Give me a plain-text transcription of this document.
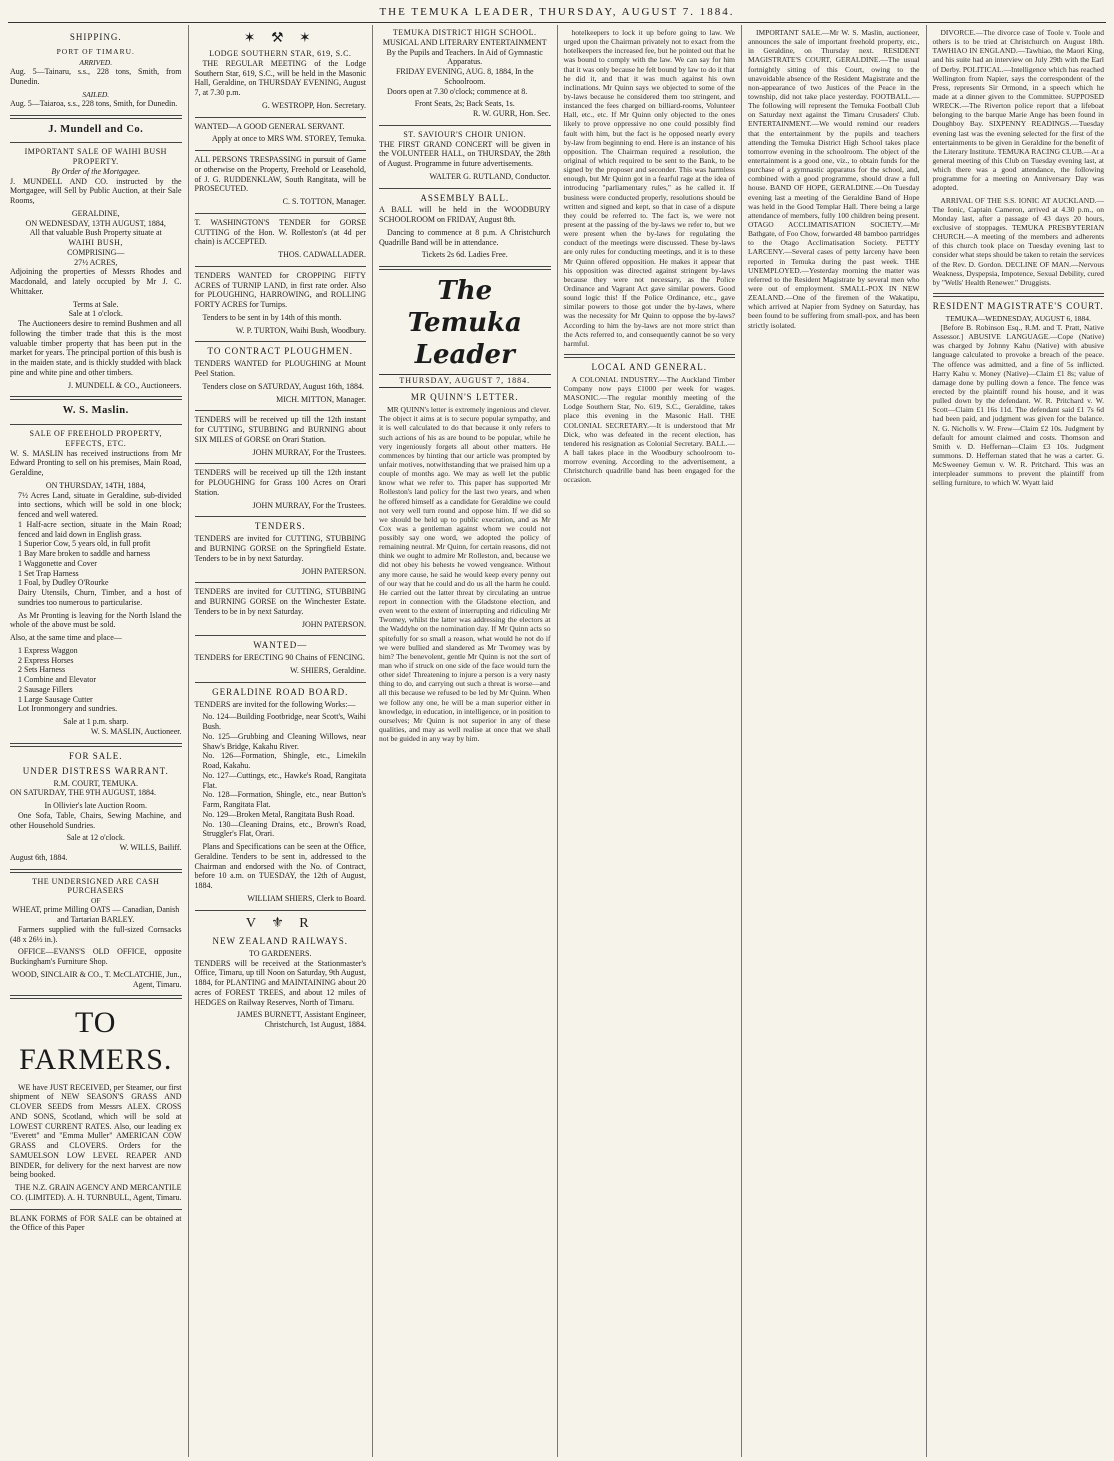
THE TEMUKA LEADER, THURSDAY, AUGUST 7. 1884.
SHIPPING.
PORT OF TIMARU.
ARRIVED.
Aug. 5—Tainaru, s.s., 228 tons, Smith, from Dunedin.
SAILED.
Aug. 5—Taiaroa, s.s., 228 tons, Smith, for Dunedin.
J. Mundell and Co.
IMPORTANT SALE OF WAIHI BUSH PROPERTY.
By Order of the Mortgagee.
J. MUNDELL AND CO. instructed by the Mortgagee, will Sell by Public Auction, at their Sale Rooms,
GERALDINE,
ON WEDNESDAY, 13TH AUGUST, 1884,
All that valuable Bush Property situate at
WAIHI BUSH,
COMPRISING—
27½ ACRES,
Adjoining the properties of Messrs Rhodes and Macdonald, and lately occupied by Mr J. C. Whittaker.
Terms at Sale.
Sale at 1 o'clock.
The Auctioneers desire to remind Bushmen and all following the timber trade that this is the most valuable timber property that has been put in the market for years. The principal portion of this bush is in the maiden state, and is thickly studded with black pine and white pine and other timbers.
J. MUNDELL & CO., Auctioneers.
W. S. Maslin.
SALE OF FREEHOLD PROPERTY, EFFECTS, ETC.
W. S. MASLIN has received instructions from Mr Edward Pronting to sell on his premises, Main Road, Geraldine,
ON THURSDAY, 14TH, 1884,
7½ Acres Land, situate in Geraldine, sub-divided into sections, which will be sold in one block; fenced and well watered.
1 Half-acre section, situate in the Main Road; fenced and laid down in English grass.
1 Superior Cow, 5 years old, in full profit
1 Bay Mare broken to saddle and harness
1 Waggonette and Cover
1 Set Trap Harness
1 Foal, by Dudley O'Rourke
Dairy Utensils, Churn, Timber, and a host of sundries too numerous to particularise.
As Mr Pronting is leaving for the North Island the whole of the above must be sold.
Also, at the same time and place—
1 Express Waggon
2 Express Horses
2 Sets Harness
1 Combine and Elevator
2 Sausage Fillers
1 Large Sausage Cutter
Lot Ironmongery and sundries.
Sale at 1 p.m. sharp.
W. S. MASLIN, Auctioneer.
FOR SALE.
UNDER DISTRESS WARRANT.
R.M. COURT, TEMUKA.
ON SATURDAY, THE 9TH AUGUST, 1884.
In Ollivier's late Auction Room.
One Sofa, Table, Chairs, Sewing Machine, and other Household Sundries.
Sale at 12 o'clock.
W. WILLS, Bailiff.
August 6th, 1884.
THE UNDERSIGNED ARE CASH PURCHASERS
OF
WHEAT, prime Milling OATS — Canadian, Danish and Tartarian BARLEY.
Farmers supplied with the full-sized Cornsacks (48 x 26½ in.).
OFFICE—EVANS'S OLD OFFICE, opposite Buckingham's Furniture Shop.
WOOD, SINCLAIR & CO., T. McCLATCHIE, Jun., Agent, Timaru.
TO FARMERS.
WE have JUST RECEIVED, per Steamer, our first shipment of NEW SEASON'S GRASS AND CLOVER SEEDS from Messrs ALEX. CROSS AND SONS, Scotland, which will be sold at LOWEST CURRENT RATES. Also, our leading ex "Everett" and "Emma Muller" AMERICAN COW GRASS and CLOVERS. Orders for the SAMUELSON LOW LEVEL REAPER AND BINDER, for delivery for the next harvest are now being booked.
THE N.Z. GRAIN AGENCY AND MERCANTILE CO. (LIMITED). A. H. TURNBULL, Agent, Timaru.
BLANK FORMS of FOR SALE can be obtained at the Office of this Paper
✶ ⚒ ✶
LODGE SOUTHERN STAR, 619, S.C.
THE REGULAR MEETING of the Lodge Southern Star, 619, S.C., will be held in the Masonic Hall, Geraldine, on THURSDAY EVENING, August 7, at 7.30 p.m.
G. WESTROPP, Hon. Secretary.
WANTED—A GOOD GENERAL SERVANT.
Apply at once to MRS WM. STOREY, Temuka.
ALL PERSONS TRESPASSING in pursuit of Game or otherwise on the Property, Freehold or Leasehold, of J. G. RUDDENKLAW, South Rangitata, will be PROSECUTED.
C. S. TOTTON, Manager.
T. WASHINGTON'S TENDER for GORSE CUTTING of the Hon. W. Rolleston's (at 4d per chain) is ACCEPTED.
THOS. CADWALLADER.
TENDERS WANTED for CROPPING FIFTY ACRES of TURNIP LAND, in first rate order. Also for PLOUGHING, HARROWING, and ROLLING FORTY ACRES for Turnips.
Tenders to be sent in by 14th of this month.
W. P. TURTON, Waihi Bush, Woodbury.
TO CONTRACT PLOUGHMEN.
TENDERS WANTED for PLOUGHING at Mount Peel Station.
Tenders close on SATURDAY, August 16th, 1884.
MICH. MITTON, Manager.
TENDERS will be received up till the 12th instant for CUTTING, STUBBING and BURNING about SIX MILES of GORSE on Orari Station.
JOHN MURRAY, For the Trustees.
TENDERS will be received up till the 12th instant for PLOUGHING for Grass 100 Acres on Orari Station.
JOHN MURRAY, For the Trustees.
TENDERS.
TENDERS are invited for CUTTING, STUBBING and BURNING GORSE on the Springfield Estate. Tenders to be in by next Saturday.
JOHN PATERSON.
TENDERS are invited for CUTTING, STUBBING and BURNING GORSE on the Winchester Estate. Tenders to be in by next Saturday.
JOHN PATERSON.
WANTED—
TENDERS for ERECTING 90 Chains of FENCING.
W. SHIERS, Geraldine.
GERALDINE ROAD BOARD.
TENDERS are invited for the following Works:—
No. 124—Building Footbridge, near Scott's, Waihi Bush.
No. 125—Grubbing and Cleaning Willows, near Shaw's Bridge, Kakahu River.
No. 126—Formation, Shingle, etc., Limekiln Road, Kakahu.
No. 127—Cuttings, etc., Hawke's Road, Rangitata Flat.
No. 128—Formation, Shingle, etc., near Button's Farm, Rangitata Flat.
No. 129—Broken Metal, Rangitata Bush Road.
No. 130—Cleaning Drains, etc., Brown's Road, Struggler's Flat, Orari.
Plans and Specifications can be seen at the Office, Geraldine. Tenders to be sent in, addressed to the Chairman and endorsed with the No. of Contract, before 10 a.m. on TUESDAY, the 12th of August, 1884.
WILLIAM SHIERS, Clerk to Board.
V ⚜ R
NEW ZEALAND RAILWAYS.
TO GARDENERS.
TENDERS will be received at the Stationmaster's Office, Timaru, up till Noon on Saturday, 9th August, 1884, for PLANTING and MAINTAINING about 20 acres of FOREST TREES, and about 12 miles of HEDGES on Railway Reserves, North of Timaru.
JAMES BURNETT, Assistant Engineer, Christchurch, 1st August, 1884.
TEMUKA DISTRICT HIGH SCHOOL.
MUSICAL AND LITERARY ENTERTAINMENT By the Pupils and Teachers. In Aid of Gymnastic Apparatus.
FRIDAY EVENING, AUG. 8, 1884, In the Schoolroom.
Doors open at 7.30 o'clock; commence at 8.
Front Seats, 2s; Back Seats, 1s.
R. W. GURR, Hon. Sec.
ST. SAVIOUR'S CHOIR UNION.
THE FIRST GRAND CONCERT will be given in the VOLUNTEER HALL, on THURSDAY, the 28th of August. Programme in future advertisements.
WALTER G. RUTLAND, Conductor.
ASSEMBLY BALL.
A BALL will be held in the WOODBURY SCHOOLROOM on FRIDAY, August 8th.
Dancing to commence at 8 p.m. A Christchurch Quadrille Band will be in attendance.
Tickets 2s 6d. Ladies Free.
The Temuka Leader
THURSDAY, AUGUST 7, 1884.
MR QUINN'S LETTER.
MR QUINN's letter is extremely ingenious and clever. The object it aims at is to secure popular sympathy, and it is well calculated to do that because it only refers to such actions of his as are bound to be popular, while he very ingeniously forgets all about other matters. He commences by hinting that our article was prompted by unfair motives, notwithstanding that we praised him up a couple of months ago. We may as well let the public know what we refer to. This paper has supported Mr Rolleston's land policy for the last two years, and when he offered himself as a candidate for Geraldine we could not very well turn round and oppose him. If we did so we should be held up to public execration, and as Mr Cox was a gentleman against whom we could not possibly say one word, we adopted the policy of remaining neutral. Mr Quinn, for certain reasons, did not think we ought to admire Mr Rolleston, and, because we did not obey his behests he vowed vengeance. Without any more cause, he said he would keep every penny out of our way that he could and do us all the harm he could. He carried out the latter threat by circulating an untrue report in connection with the Gladstone election, and even went to the extent of interrupting and ridiculing Mr Twomey, whilst the latter was addressing the electors at the Waddyhe on the nomination day. If Mr Quinn acts so spitefully for so small a reason, what would he not do if we were bullied and slandered as Mr Twomey was by him? The benevolent, gentle Mr Quinn is not the sort of man who if struck on one side of the face would turn the other side! Threatening to injure a person is a very nasty thing to do, and carrying out such a threat is worse—and all this because we refused to be led by Mr Quinn. When we follow any one, he will be a man superior either in knowledge, in education, in intelligence, or in position to ourselves; Mr Quinn is not superior in any of these qualities, and may as well realise at once that we shall not be guided in any way by him.
hotelkeepers to lock it up before going to law. We urged upon the Chairman privately not to exact from the hotelkeepers the increased fee, but he pointed out that he was bound to comply with the law. We can say for him that it was only because he felt bound by law to do it that he did it, and that it was much against his own inclinations. Mr Quinn says we objected to some of the by-laws because he considered them too stringent, and instanced the fees charged on billiard-rooms, Volunteer Hall, etc., etc. If Mr Quinn only objected to the ones likely to prove oppressive no one could possibly find fault with him, but the fact is he opposed nearly every by-law from beginning to end. Here is an instance of his opposition. The Chairman required a resolution, the original of which required to be sent to the Bank, to be signed by the proposer and seconder. This was harmless enough, but Mr Quinn got in a fearful rage at the idea of introducing "parliamentary rules," as he called it. If business were conducted properly, resolutions should be written and signed and kept, so that in case of a dispute they could be referred to. The fact is, we were not present at the passing of the by-laws we refer to, but we were present when the by-laws for regulating the conduct of the meetings were discussed. These by-laws are only rules for conducting meetings, and it is to these Mr Quinn offered opposition. He makes it appear that his opposition was directed against stringent by-laws because they were not necessary, as the Police Ordinance and Vagrant Act gave similar powers. Good sound logic this! If the Police Ordinance, etc., gave similar powers to those got under the by-laws, where was the necessity for Mr Quinn to oppose the by-laws? According to him the by-laws are not more strict than the Acts referred to, and consequently cannot be so very harmful.
LOCAL AND GENERAL.
A COLONIAL INDUSTRY.—The Auckland Timber Company now pays £1000 per week for wages. MASONIC.—The regular monthly meeting of the Lodge Southern Star, No. 619, S.C., Geraldine, takes place this evening in the Masonic Hall. THE COLONIAL SECRETARY.—It is understood that Mr Dick, who was defeated in the recent election, has tendered his resignation as Colonial Secretary. BALL.—A ball takes place in the Woodbury schoolroom to-morrow evening. According to the advertisement, a Christchurch quadrille band has been engaged for the occasion.
IMPORTANT SALE.—Mr W. S. Maslin, auctioneer, announces the sale of important freehold property, etc., in Geraldine, on Thursday next. RESIDENT MAGISTRATE'S COURT, GERALDINE.—The usual fortnightly sitting of this Court, owing to the unavoidable absence of the Resident Magistrate and the non-appearance of two Justices of the Peace in the township, did not take place yesterday. FOOTBALL.—The following will represent the Temuka Football Club on Saturday next against the Timaru Crusaders' Club. ENTERTAINMENT.—We would remind our readers that the entertainment by the pupils and teachers attending the Temuka District High School takes place tomorrow evening in the schoolroom. The object of the entertainment is a good one, viz., to obtain funds for the purchase of a gymnastic apparatus for the school, and, combined with a good programme, should draw a full house. BAND OF HOPE, GERALDINE.—On Tuesday evening last a meeting of the Geraldine Band of Hope was held in the Good Templar Hall. There being a large attendance of members, fully 100 children being present. OTAGO ACCLIMATISATION SOCIETY.—Mr Bathgate, of Foo Chow, forwarded 48 bamboo partridges to the Otago Acclimatisation Society. PETTY LARCENY.—Several cases of petty larceny have been reported in Temuka during the past week. THE UNEMPLOYED.—Yesterday morning the matter was referred to the Resident Magistrate by several men who were out of employment. SMALL-POX IN NEW ZEALAND.—One of the firemen of the Wakatipu, which arrived at Napier from Sydney on Saturday, has been found to be suffering from small-pox, and has been strictly isolated.
DIVORCE.—The divorce case of Toole v. Toole and others is to be tried at Christchurch on August 18th. TAWHIAO IN ENGLAND.—Tawhiao, the Maori King, and his suite had an interview on July 29th with the Earl of Derby. POLITICAL.—Intelligence which has reached Wellington from Napier, says the correspondent of the Press, represents Sir Ormond, in a speech which he made at a dinner given to the Committee. SUPPOSED WRECK.—The Riverton police report that a lifeboat belonging to the barque Marie Ange has been found in Doughboy Bay. SIXPENNY READINGS.—Tuesday evening last was the evening selected for the first of the entertainments to be given in Geraldine for the benefit of the Literary Institute. TEMUKA RACING CLUB.—At a general meeting of this Club on Tuesday evening last, at which there was a good attendance, the following programme for a meeting on Anniversary Day was adopted.
ARRIVAL OF THE S.S. IONIC AT AUCKLAND.—The Ionic, Captain Cameron, arrived at 4.30 p.m., on Monday last, after a passage of 43 days 20 hours, exclusive of stoppages. TEMUKA PRESBYTERIAN CHURCH.—A meeting of the members and adherents of this church took place on Tuesday evening last to consider what steps should be taken to retain the services of the Rev. D. Gordon. DECLINE OF MAN.—Nervous Weakness, Dyspepsia, Impotence, Sexual Debility, cured by "Wells' Health Renewer." Druggists.
RESIDENT MAGISTRATE'S COURT.
TEMUKA—WEDNESDAY, AUGUST 6, 1884.
[Before B. Robinson Esq., R.M. and T. Pratt, Native Assessor.] ABUSIVE LANGUAGE.—Cope (Native) was charged by Johnny Kahu (Native) with abusive language calculated to provoke a breach of the peace. The offence was admitted, and a fine of 5s inflicted. Harry Kahu v. Money (Native)—Claim £1 8s; value of damage done by pulling down a fence. The fence was erected by the plaintiff round his house, and it was pulled down by the defendant. W. R. Pritchard v. W. Scott—Claim £1 16s 11d. The defendant said £1 7s 6d had been paid, and judgment was given for the balance. N. G. Nicholls v. W. Frew—Claim £2 10s. Judgment by default for amount claimed and costs. Thomson and Smith v. D. Heffernan—Claim £3 10s. Judgment summons. D. Heffernan stated that he was a carter. G. McSweeney Gemun v. W. R. Pritchard. This was an interpleader summons to prevent the plaintiff from selling furniture, to which W. Wyatt laid
